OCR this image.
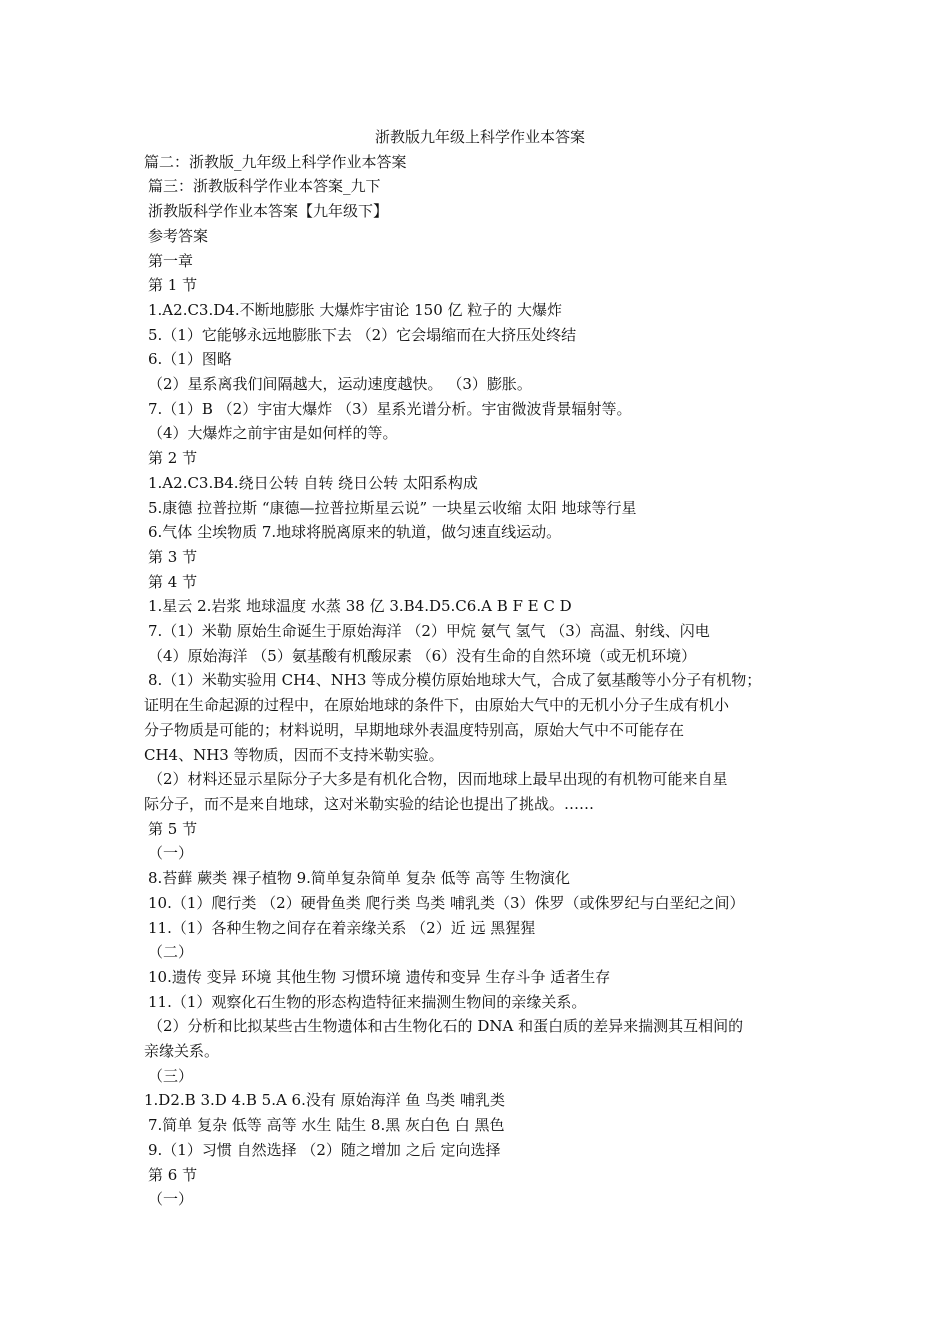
浙教版九年级上科学作业本答案

篇二：浙教版_九年级上科学作业本答案

篇三：浙教版科学作业本答案_九下

浙教版科学作业本答案【九年级下】

参考答案

第一章

第 1 节

1.A2.C3.D4.不断地膨胀 大爆炸宇宙论 150 亿 粒子的 大爆炸

5.（1）它能够永远地膨胀下去 （2）它会塌缩而在大挤压处终结

6.（1）图略

（2）星系离我们间隔越大，运动速度越快。 （3）膨胀。

7.（1）B （2）宇宙大爆炸 （3）星系光谱分析。宇宙微波背景辐射等。

（4）大爆炸之前宇宙是如何样的等。

第 2 节

1.A2.C3.B4.绕日公转 自转 绕日公转 太阳系构成

5.康德 拉普拉斯 “康德—拉普拉斯星云说” 一块星云收缩 太阳 地球等行星

6.气体 尘埃物质 7.地球将脱离原来的轨道，做匀速直线运动。

第 3 节

第 4 节

1.星云 2.岩浆 地球温度 水蒸 38 亿 3.B4.D5.C6.A B F E C D

7.（1）米勒 原始生命诞生于原始海洋 （2）甲烷 氨气 氢气 （3）高温、射线、闪电

（4）原始海洋 （5）氨基酸有机酸尿素 （6）没有生命的自然环境（或无机环境）

8.（1）米勒实验用 CH4、NH3 等成分模仿原始地球大气，合成了氨基酸等小分子有机物；

证明在生命起源的过程中，在原始地球的条件下，由原始大气中的无机小分子生成有机小

分子物质是可能的；材料说明，早期地球外表温度特别高，原始大气中不可能存在

CH4、NH3 等物质，因而不支持米勒实验。

（2）材料还显示星际分子大多是有机化合物，因而地球上最早出现的有机物可能来自星

际分子，而不是来自地球，这对米勒实验的结论也提出了挑战。……

第 5 节

（一）

8.苔藓 蕨类 裸子植物 9.简单复杂简单 复杂 低等 高等 生物演化

10.（1）爬行类 （2）硬骨鱼类 爬行类 鸟类 哺乳类（3）侏罗（或侏罗纪与白垩纪之间）

11.（1）各种生物之间存在着亲缘关系 （2）近 远 黑猩猩

（二）

10.遗传 变异 环境 其他生物 习惯环境 遗传和变异 生存斗争 适者生存

11.（1）观察化石生物的形态构造特征来揣测生物间的亲缘关系。

（2）分析和比拟某些古生物遗体和古生物化石的 DNA 和蛋白质的差异来揣测其互相间的

亲缘关系。

（三）

1.D2.B 3.D 4.B 5.A 6.没有 原始海洋 鱼 鸟类 哺乳类

7.简单 复杂 低等 高等 水生 陆生 8.黑 灰白色 白 黑色

9.（1）习惯 自然选择 （2）随之增加 之后 定向选择

第 6 节

（一）
